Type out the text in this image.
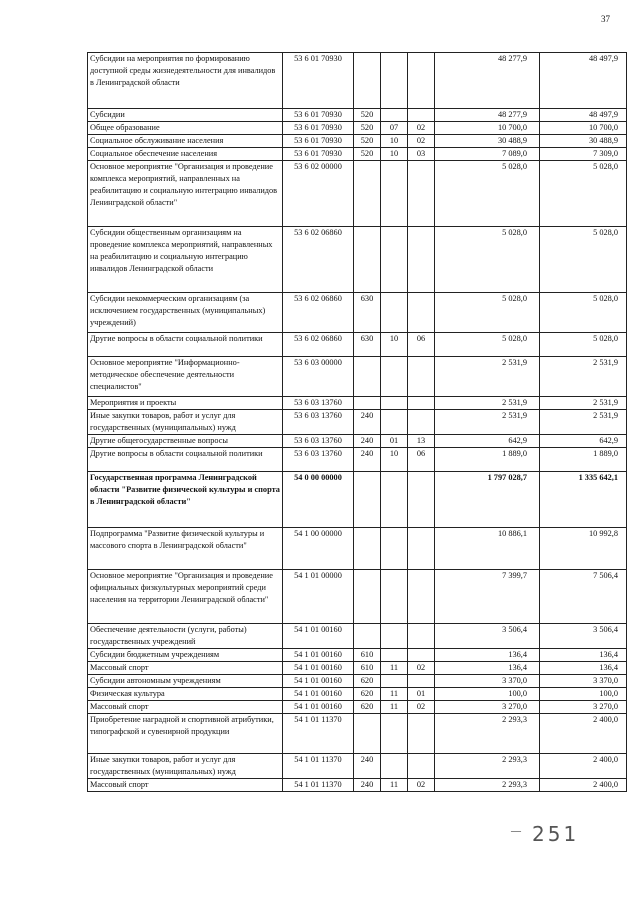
37
Субсидии на мероприятия по формированию доступной среды жизнедеятельности для инвалидов в Ленинградской области	53 6 01 70930				48 277,9	48 497,9
Субсидии	53 6 01 70930	520			48 277,9	48 497,9
Общее образование	53 6 01 70930	520	07	02	10 700,0	10 700,0
Социальное обслуживание населения	53 6 01 70930	520	10	02	30 488,9	30 488,9
Социальное обеспечение населения	53 6 01 70930	520	10	03	7 089,0	7 309,0
Основное мероприятие "Организация и проведение комплекса мероприятий, направленных на реабилитацию и социальную интеграцию инвалидов Ленинградской области"	53 6 02 00000				5 028,0	5 028,0
Субсидии общественным организациям на проведение комплекса мероприятий, направленных на реабилитацию и социальную интеграцию инвалидов Ленинградской области	53 6 02 06860				5 028,0	5 028,0
Субсидии некоммерческим организациям (за исключением государственных (муниципальных) учреждений)	53 6 02 06860	630			5 028,0	5 028,0
Другие вопросы в области социальной политики	53 6 02 06860	630	10	06	5 028,0	5 028,0
Основное мероприятие "Информационно-методическое обеспечение деятельности специалистов"	53 6 03 00000				2 531,9	2 531,9
Мероприятия и проекты	53 6 03 13760				2 531,9	2 531,9
Иные закупки товаров, работ и услуг для государственных (муниципальных) нужд	53 6 03 13760	240			2 531,9	2 531,9
Другие общегосударственные вопросы	53 6 03 13760	240	01	13	642,9	642,9
Другие вопросы в области социальной политики	53 6 03 13760	240	10	06	1 889,0	1 889,0
Государственная программа Ленинградской области "Развитие физической культуры и спорта в Ленинградской области"	54 0 00 00000				1 797 028,7	1 335 642,1
Подпрограмма "Развитие физической культуры и массового спорта в Ленинградской области"	54 1 00 00000				10 886,1	10 992,8
Основное мероприятие "Организация и проведение официальных физкультурных мероприятий среди населения на территории Ленинградской области"	54 1 01 00000				7 399,7	7 506,4
Обеспечение деятельности (услуги, работы) государственных учреждений	54 1 01 00160				3 506,4	3 506,4
Субсидии бюджетным учреждениям	54 1 01 00160	610			136,4	136,4
Массовый спорт	54 1 01 00160	610	11	02	136,4	136,4
Субсидии автономным учреждениям	54 1 01 00160	620			3 370,0	3 370,0
Физическая культура	54 1 01 00160	620	11	01	100,0	100,0
Массовый спорт	54 1 01 00160	620	11	02	3 270,0	3 270,0
Приобретение наградной и спортивной атрибутики, типографской и сувенирной продукции	54 1 01 11370				2 293,3	2 400,0
Иные закупки товаров, работ и услуг для государственных (муниципальных) нужд	54 1 01 11370	240			2 293,3	2 400,0
Массовый спорт	54 1 01 11370	240	11	02	2 293,3	2 400,0
— 251
